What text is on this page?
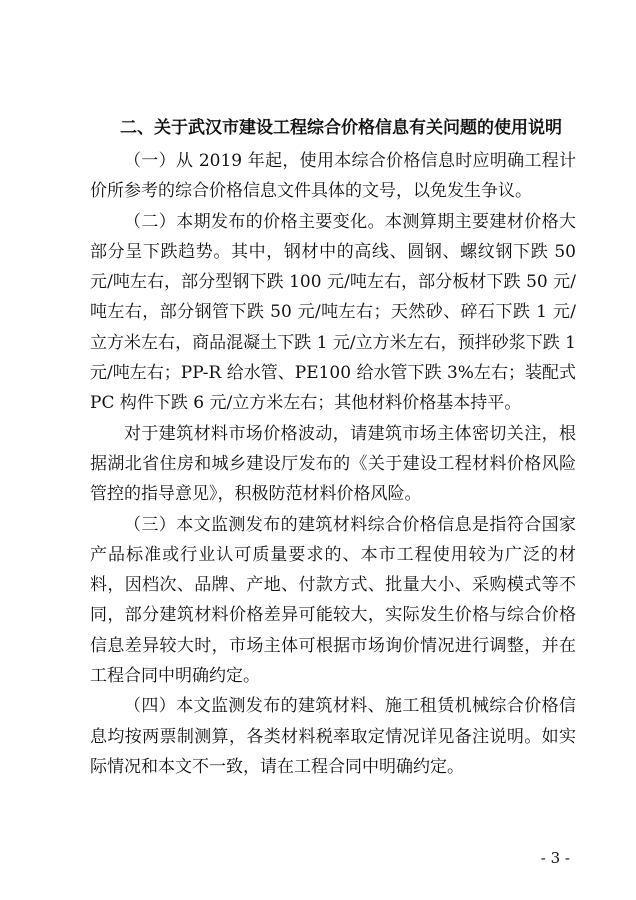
二、关于武汉市建设工程综合价格信息有关问题的使用说明

（一）从 2019 年起，使用本综合价格信息时应明确工程计价所参考的综合价格信息文件具体的文号，以免发生争议。

（二）本期发布的价格主要变化。本测算期主要建材价格大部分呈下跌趋势。其中，钢材中的高线、圆钢、螺纹钢下跌 50 元/吨左右，部分型钢下跌 100 元/吨左右，部分板材下跌 50 元/吨左右，部分钢管下跌 50 元/吨左右；天然砂、碎石下跌 1 元/立方米左右，商品混凝土下跌 1 元/立方米左右，预拌砂浆下跌 1 元/吨左右；PP-R 给水管、PE100 给水管下跌 3%左右；装配式 PC 构件下跌 6 元/立方米左右；其他材料价格基本持平。

对于建筑材料市场价格波动，请建筑市场主体密切关注，根据湖北省住房和城乡建设厅发布的《关于建设工程材料价格风险管控的指导意见》，积极防范材料价格风险。

（三）本文监测发布的建筑材料综合价格信息是指符合国家产品标准或行业认可质量要求的、本市工程使用较为广泛的材料，因档次、品牌、产地、付款方式、批量大小、采购模式等不同，部分建筑材料价格差异可能较大，实际发生价格与综合价格信息差异较大时，市场主体可根据市场询价情况进行调整，并在工程合同中明确约定。

（四）本文监测发布的建筑材料、施工租赁机械综合价格信息均按两票制测算，各类材料税率取定情况详见备注说明。如实际情况和本文不一致，请在工程合同中明确约定。

- 3 -
